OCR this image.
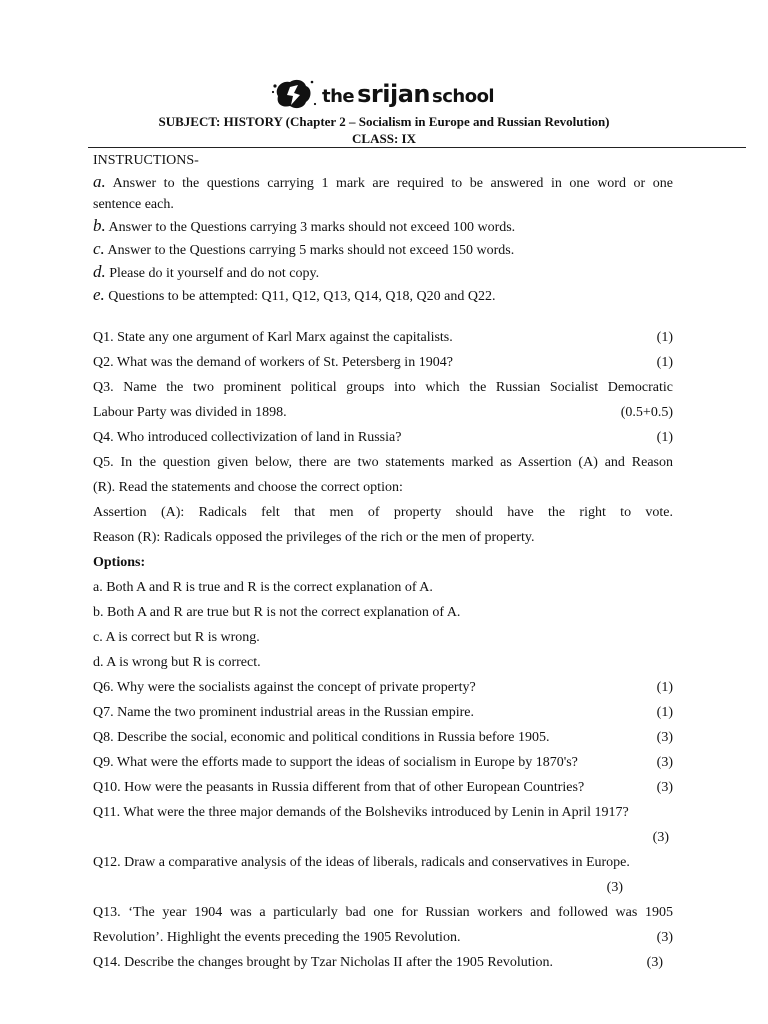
the srijan school
SUBJECT: HISTORY (Chapter 2 – Socialism in Europe and Russian Revolution)
CLASS: IX
INSTRUCTIONS-
a. Answer to the questions carrying 1 mark are required to be answered in one word or one
sentence each.
b. Answer to the Questions carrying 3 marks should not exceed 100 words.
c. Answer to the Questions carrying 5 marks should not exceed 150 words.
d. Please do it yourself and do not copy.
e. Questions to be attempted: Q11, Q12, Q13, Q14, Q18, Q20 and Q22.
Q1. State any one argument of Karl Marx against the capitalists.	(1)
Q2. What was the demand of workers of St. Petersberg in 1904?	(1)
Q3. Name the two prominent political groups into which the Russian Socialist Democratic
Labour Party was divided in 1898.	(0.5+0.5)
Q4. Who introduced collectivization of land in Russia?	(1)
Q5. In the question given below, there are two statements marked as Assertion (A) and Reason
(R). Read the statements and choose the correct option:
Assertion (A): Radicals felt that men of property should have the right to vote.
Reason (R): Radicals opposed the privileges of the rich or the men of property.
Options:
a. Both A and R is true and R is the correct explanation of A.
b. Both A and R are true but R is not the correct explanation of A.
c. A is correct but R is wrong.
d. A is wrong but R is correct.
Q6. Why were the socialists against the concept of private property?	(1)
Q7. Name the two prominent industrial areas in the Russian empire.	(1)
Q8. Describe the social, economic and political conditions in Russia before 1905.	(3)
Q9. What were the efforts made to support the ideas of socialism in Europe by 1870's?	(3)
Q10. How were the peasants in Russia different from that of other European Countries?	(3)
Q11. What were the three major demands of the Bolsheviks introduced by Lenin in April 1917?
(3)
Q12. Draw a comparative analysis of the ideas of liberals, radicals and conservatives in Europe.
(3)
Q13. ‘The year 1904 was a particularly bad one for Russian workers and followed was 1905
Revolution’. Highlight the events preceding the 1905 Revolution.	(3)
Q14. Describe the changes brought by Tzar Nicholas II after the 1905 Revolution.	(3)
